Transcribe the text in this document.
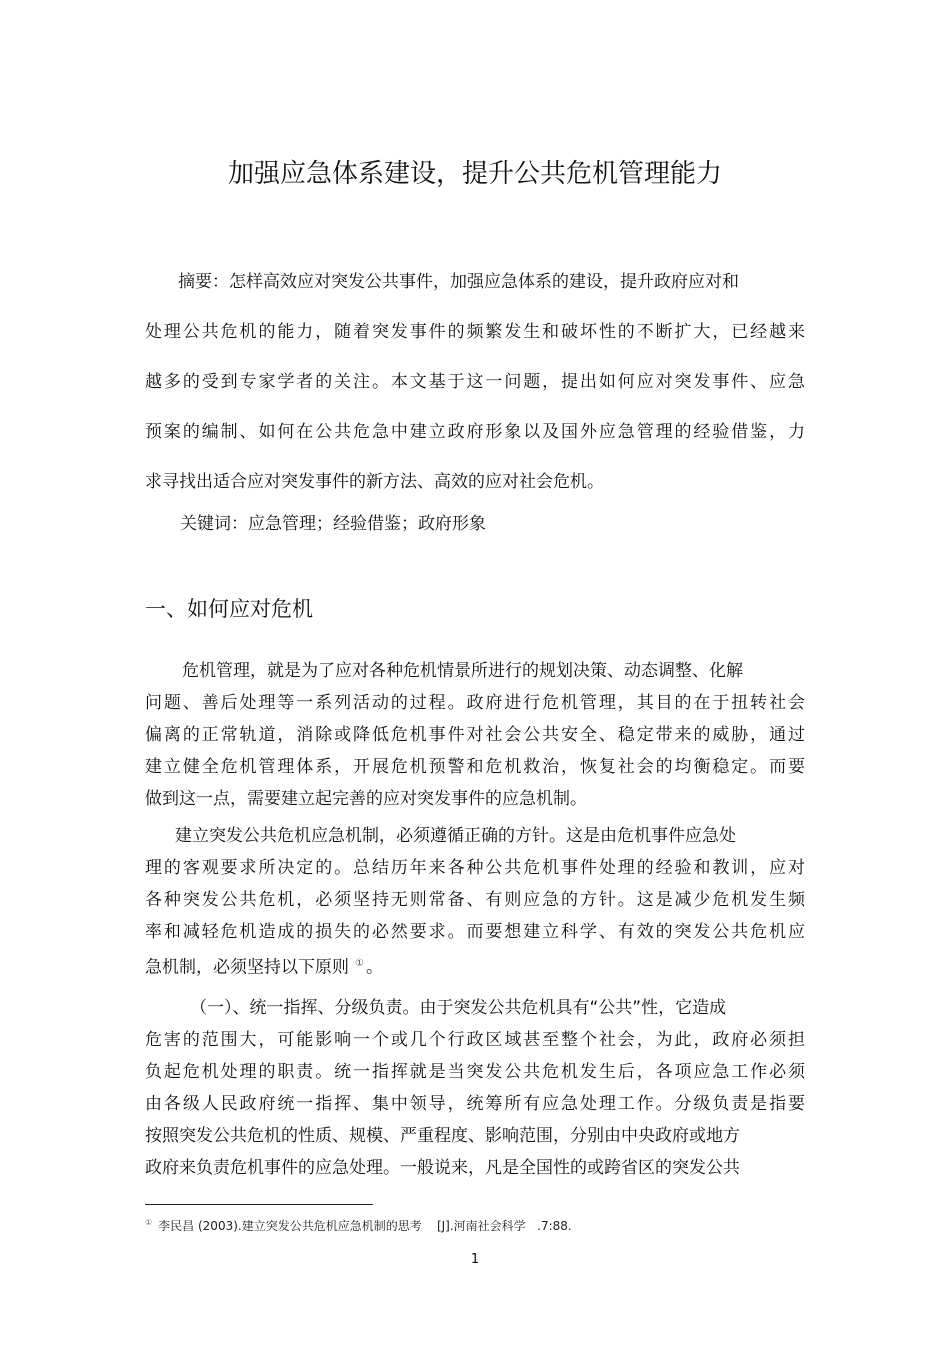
加强应急体系建设，提升公共危机管理能力
摘要：怎样高效应对突发公共事件，加强应急体系的建设，提升政府应对和
处理公共危机的能力，随着突发事件的频繁发生和破坏性的不断扩大，已经越来
越多的受到专家学者的关注。本文基于这一问题，提出如何应对突发事件、应急
预案的编制、如何在公共危急中建立政府形象以及国外应急管理的经验借鉴，力
求寻找出适合应对突发事件的新方法、高效的应对社会危机。
关键词：应急管理；经验借鉴；政府形象
一、如何应对危机
危机管理，就是为了应对各种危机情景所进行的规划决策、动态调整、化解
问题、善后处理等一系列活动的过程。政府进行危机管理，其目的在于扭转社会
偏离的正常轨道，消除或降低危机事件对社会公共安全、稳定带来的威胁，通过
建立健全危机管理体系，开展危机预警和危机救治，恢复社会的均衡稳定。而要
做到这一点，需要建立起完善的应对突发事件的应急机制。
建立突发公共危机应急机制，必须遵循正确的方针。这是由危机事件应急处
理的客观要求所决定的。总结历年来各种公共危机事件处理的经验和教训，应对
各种突发公共危机，必须坚持无则常备、有则应急的方针。这是减少危机发生频
率和减轻危机造成的损失的必然要求。而要想建立科学、有效的突发公共危机应
急机制，必须坚持以下原则 ① 。
（一）、统一指挥、分级负责。由于突发公共危机具有“公共”性，它造成
危害的范围大，可能影响一个或几个行政区域甚至整个社会，为此，政府必须担
负起危机处理的职责。统一指挥就是当突发公共危机发生后，各项应急工作必须
由各级人民政府统一指挥、集中领导，统筹所有应急处理工作。分级负责是指要
按照突发公共危机的性质、规模、严重程度、影响范围，分别由中央政府或地方
政府来负责危机事件的应急处理。一般说来，凡是全国性的或跨省区的突发公共
① 李民昌 (2003).建立突发公共危机应急机制的思考    [J].河南社会科学   .7:88.
1
